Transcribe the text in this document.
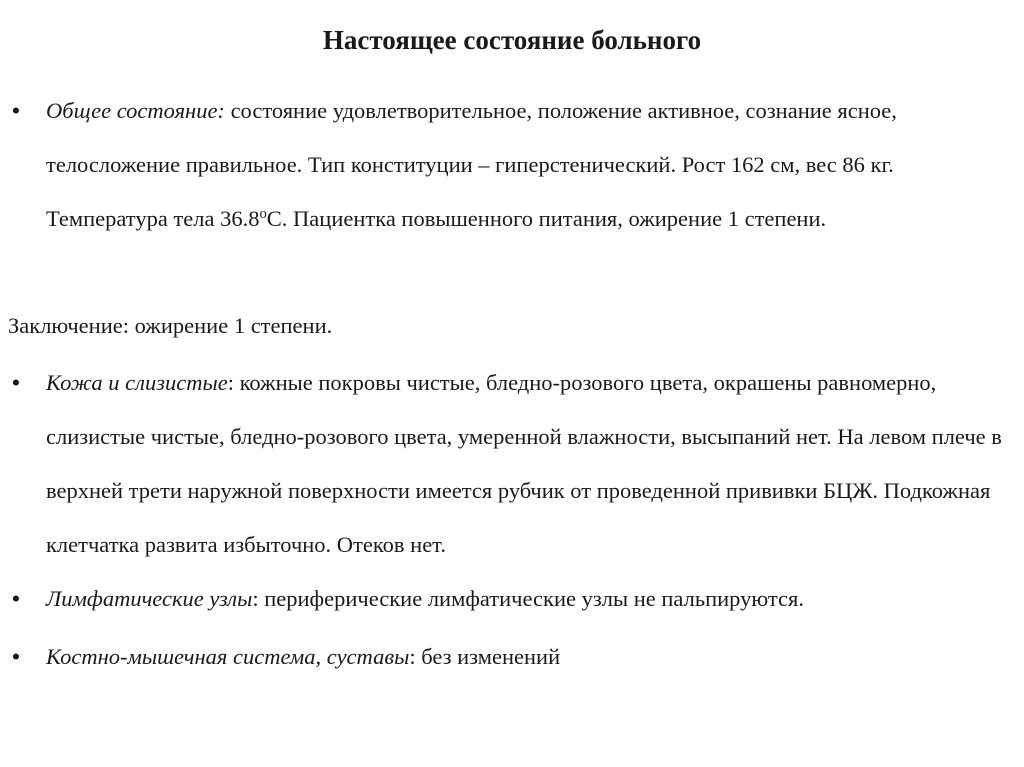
Настоящее состояние больного
•	Общее состояние: состояние удовлетворительное, положение активное, сознание ясное, телосложение правильное. Тип конституции – гиперстенический. Рост 162 см, вес 86 кг. Температура тела $36.8^оС$. Пациентка повышенного питания, ожирение 1 степени.

Заключение: ожирение 1 степени.

•	Кожа и слизистые: кожные покровы чистые, бледно-розового цвета, окрашены равномерно, слизистые чистые, бледно-розового цвета, умеренной влажности, высыпаний нет. На левом плече в верхней трети наружной поверхности имеется рубчик от проведенной прививки БЦЖ. Подкожная клетчатка развита избыточно. Отеков нет.

•	Лимфатические узлы: периферические лимфатические узлы не пальпируются.

•	Костно-мышечная система, суставы: без изменений
